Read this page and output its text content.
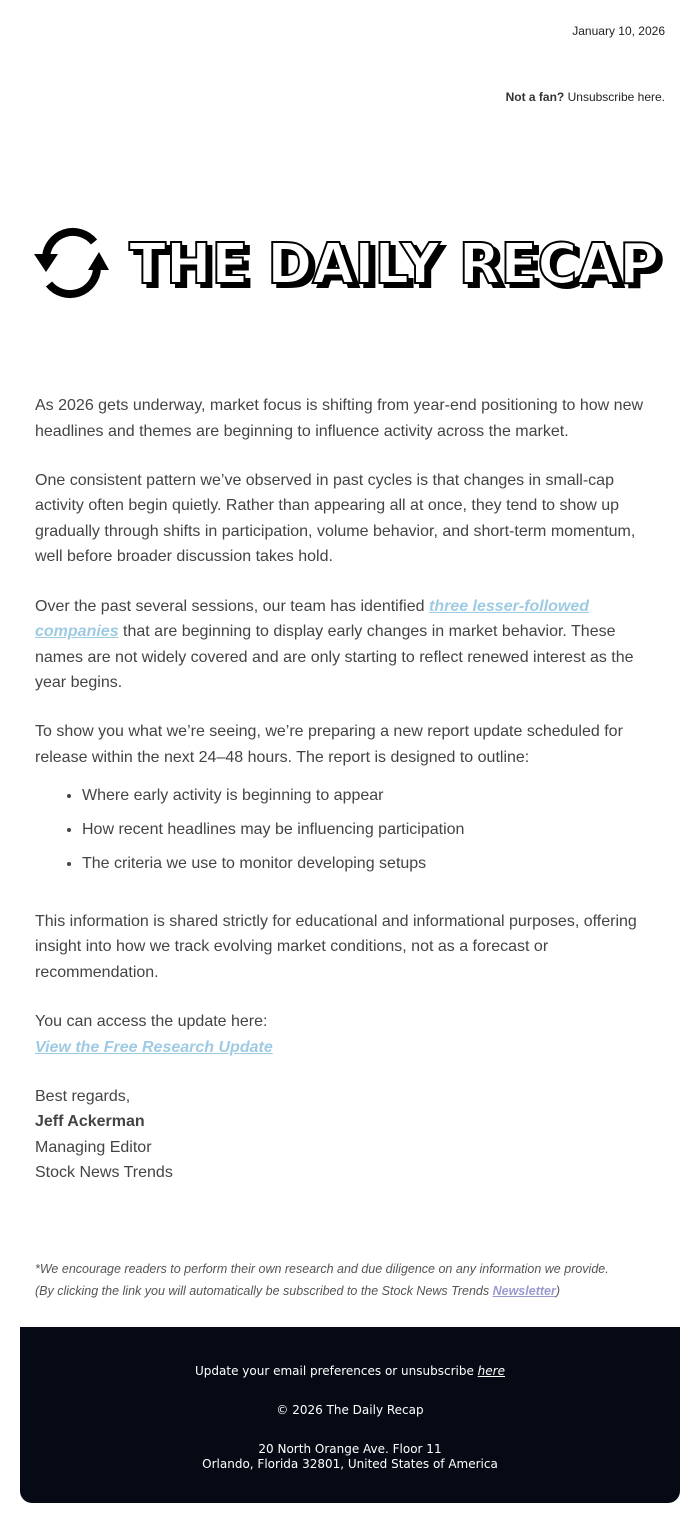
January 10, 2026
Not a fan? Unsubscribe here.
THE DAILY RECAP

As 2026 gets underway, market focus is shifting from year-end positioning to how new headlines and themes are beginning to influence activity across the market.

One consistent pattern we’ve observed in past cycles is that changes in small-cap activity often begin quietly. Rather than appearing all at once, they tend to show up gradually through shifts in participation, volume behavior, and short-term momentum, well before broader discussion takes hold.

Over the past several sessions, our team has identified three lesser-followed companies that are beginning to display early changes in market behavior. These names are not widely covered and are only starting to reflect renewed interest as the year begins.

To show you what we’re seeing, we’re preparing a new report update scheduled for release within the next 24–48 hours. The report is designed to outline:

• Where early activity is beginning to appear
• How recent headlines may be influencing participation
• The criteria we use to monitor developing setups

This information is shared strictly for educational and informational purposes, offering insight into how we track evolving market conditions, not as a forecast or recommendation.

You can access the update here:
View the Free Research Update

Best regards,
Jeff Ackerman
Managing Editor
Stock News Trends
*We encourage readers to perform their own research and due diligence on any information we provide.
(By clicking the link you will automatically be subscribed to the Stock News Trends Newsletter)
Update your email preferences or unsubscribe here
© 2026 The Daily Recap
20 North Orange Ave. Floor 11
Orlando, Florida 32801, United States of America
